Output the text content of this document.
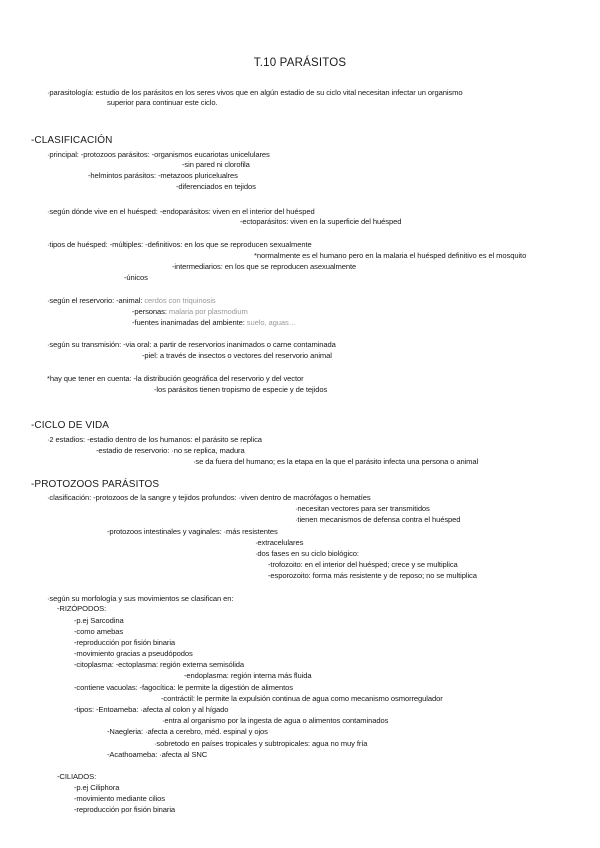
T.10 PARÁSITOS
·parasitología: estudio de los parásitos en los seres vivos que en algún estadio de su ciclo vital necesitan infectar un organismo
superior para continuar este ciclo.
-CLASIFICACIÓN
·principal: -protozoos parásitos: -organismos eucariotas unicelulares
-sin pared ni clorofila
-helmintos parásitos: -metazoos pluricelualres
-diferenciados en tejidos
·según dónde vive en el huésped: -endoparásitos: viven en el interior del huésped
-ectoparásitos: viven en la superficie del huésped
·tipos de huésped: -múltiples: -definitivos: en los que se reproducen sexualmente
*normalmente es el humano pero en la malaria el huésped definitivo es el mosquito
-intermediarios: en los que se reproducen asexualmente
-únicos
·según el reservorio: -animal: cerdos con triquinosis
-personas: malaria por plasmodium
-fuentes inanimadas del ambiente: suelo, aguas…
·según su transmisión: -via oral: a partir de reservorios inanimados o carne contaminada
-piel: a través de insectos o vectores del reservorio animal
*hay que tener en cuenta: -la distribución geográfica del reservorio y del vector
-los parásitos tienen tropismo de especie y de tejidos
-CICLO DE VIDA
·2 estadios: -estadio dentro de los humanos: el parásito se replica
-estadio de reservorio: ·no se replica, madura
·se da fuera del humano; es la etapa en la que el parásito infecta una persona o animal
-PROTOZOOS PARÁSITOS
·clasificación: -protozoos de la sangre y tejidos profundos: ·viven dentro de macrófagos o hematíes
·necesitan vectores para ser transmitidos
·tienen mecanismos de defensa contra el huésped
-protozoos intestinales y vaginales: ·más resistentes
·extracelulares
·dos fases en su ciclo biológico:
-trofozoito: en el interior del huésped; crece y se multiplica
-esporozoito: forma más resistente y de reposo; no se multiplica
·según su morfología y sus movimientos se clasifican en:
-RIZÓPODOS:
-p.ej Sarcodina
-como amebas
-reproducción por fisión binaria
-movimiento gracias a pseudópodos
-citoplasma: -ectoplasma: región externa semisólida
-endoplasma: región interna más fluida
-contiene vacuolas: -fagocítica: le permite la digestión de alimentos
-contráctil: le permite la expulsión continua de agua como mecanismo osmorregulador
-tipos: -Entoameba: ·afecta al colon y al hígado
·entra al organismo por la ingesta de agua o alimentos contaminados
-Naegleria: ·afecta a cerebro, méd. espinal y ojos
·sobretodo en países tropicales y subtropicales: agua no muy fría
-Acathoameba: ·afecta al SNC
-CILIADOS:
-p.ej Ciliphora
-movimiento mediante cilios
-reproducción por fisión binaria
